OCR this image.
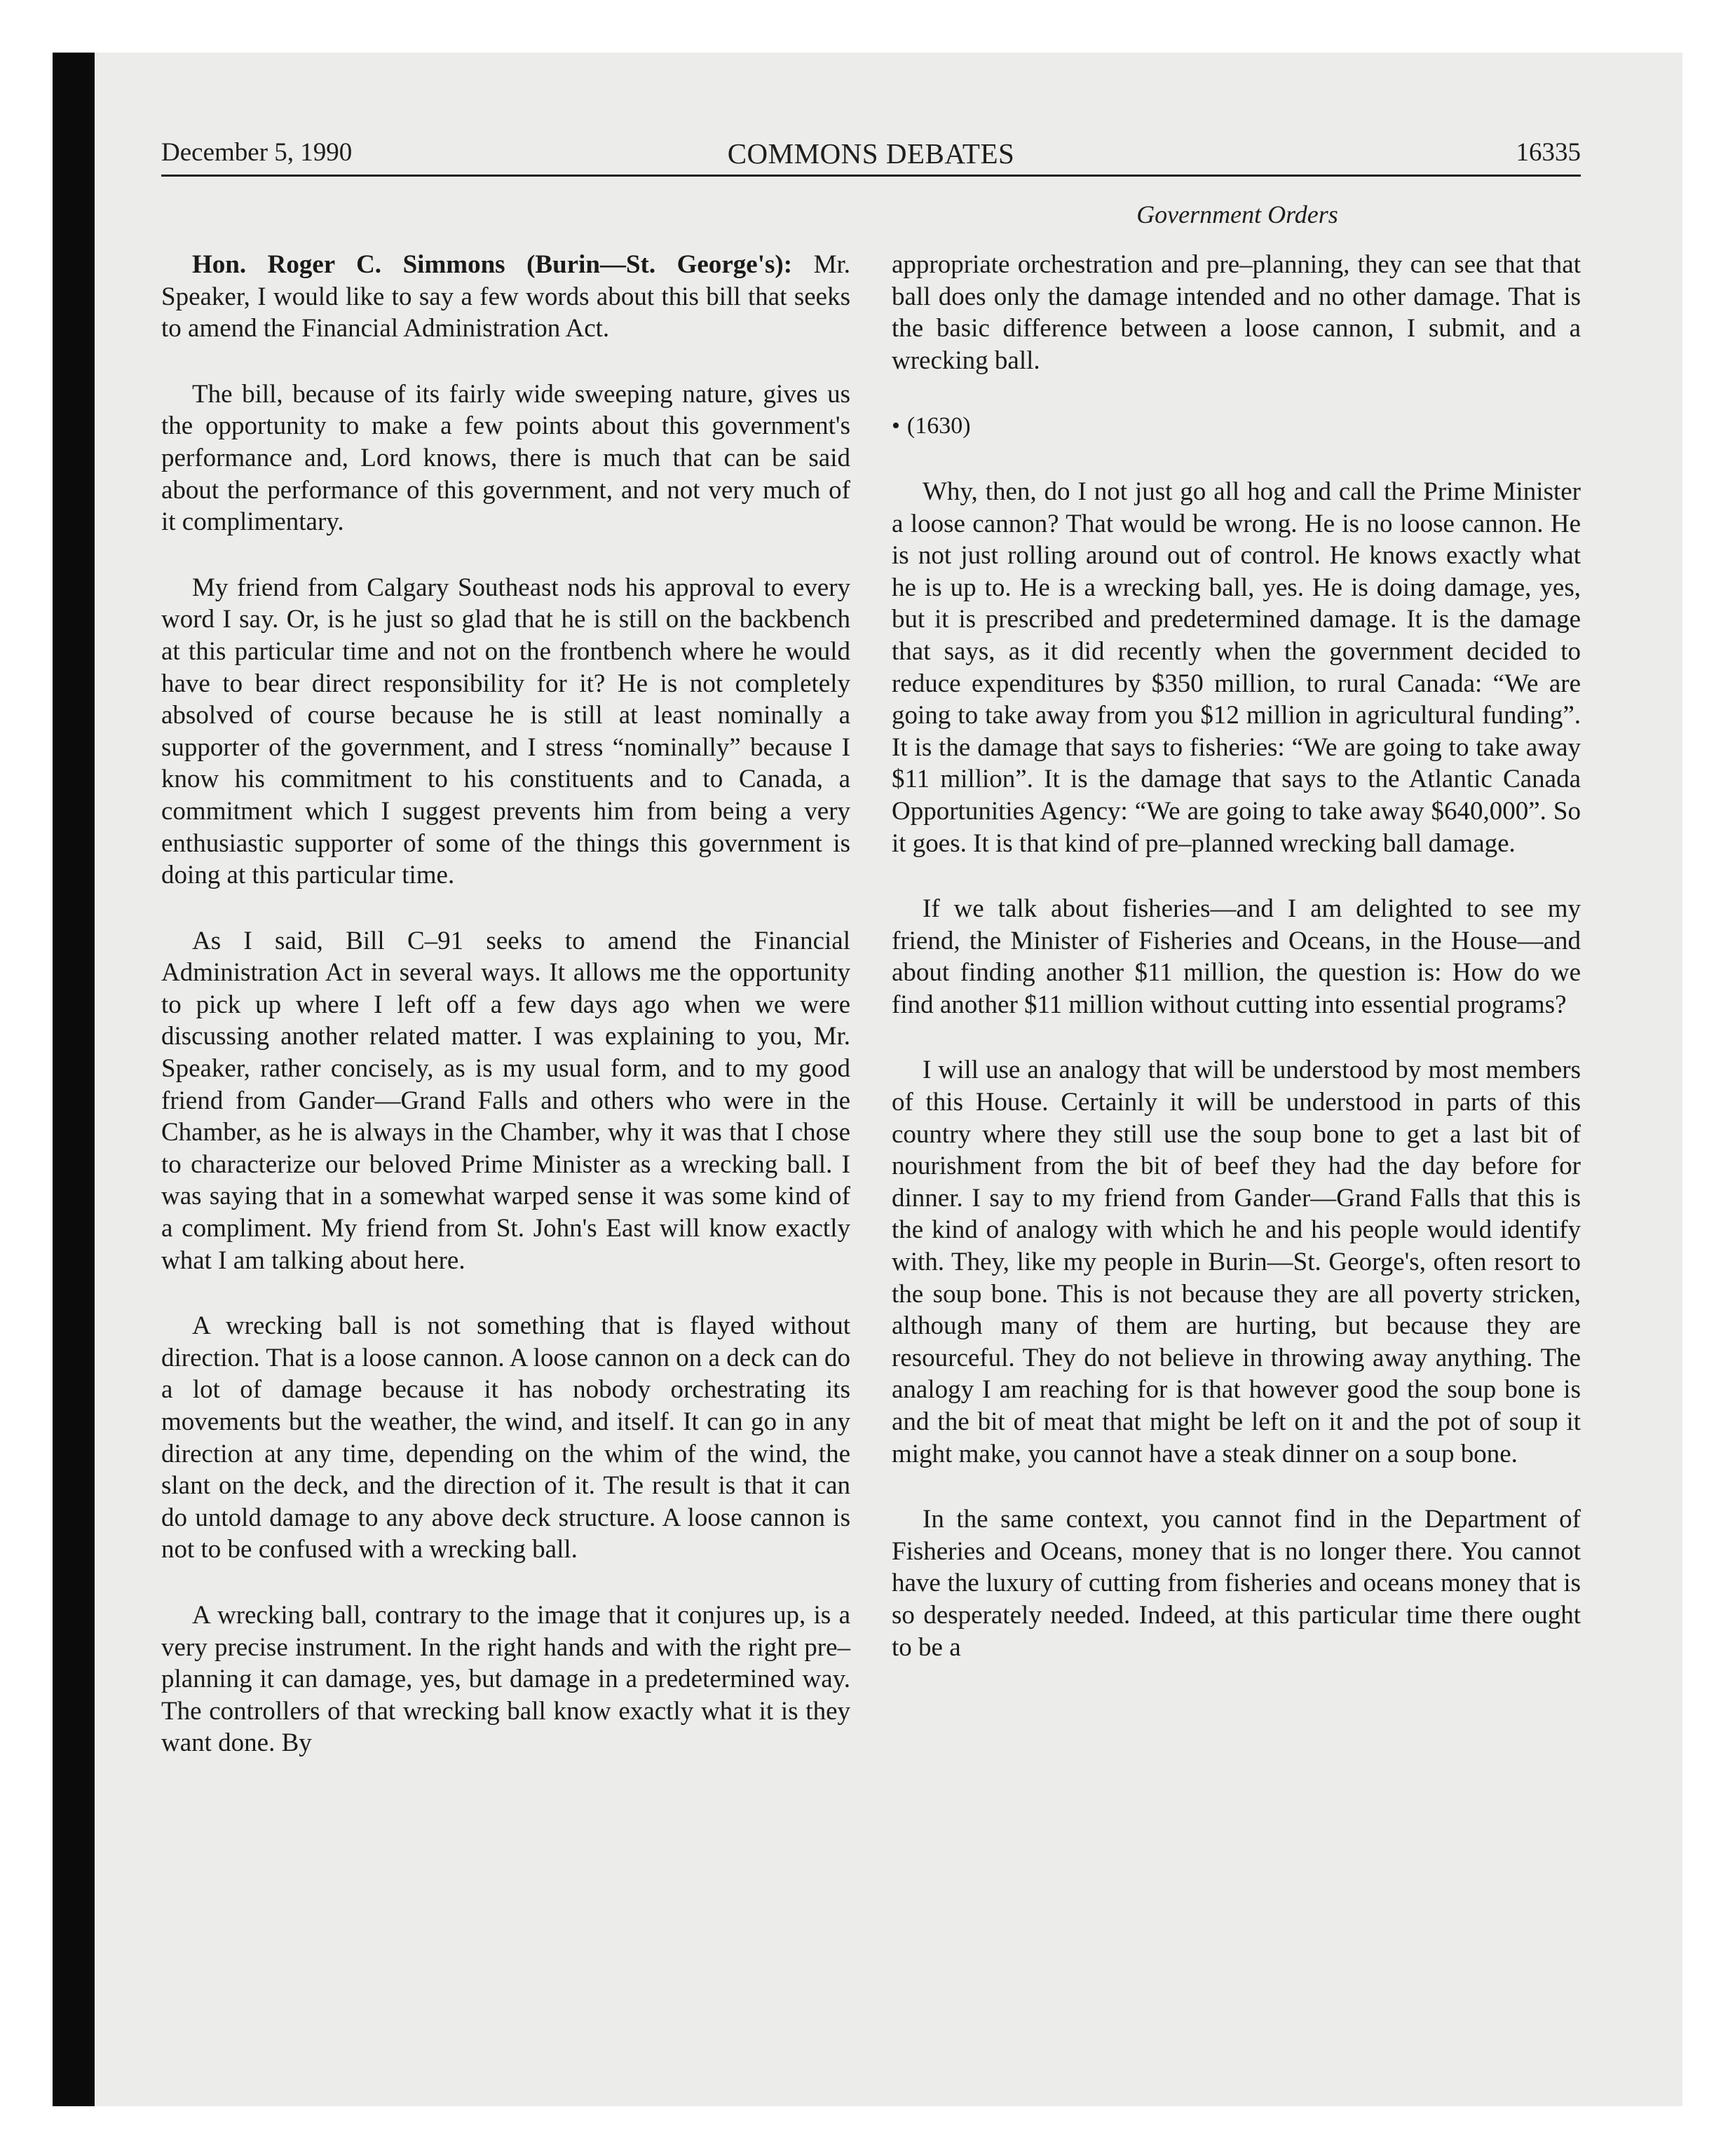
December 5, 1990	COMMONS DEBATES	16335
Government Orders

Hon. Roger C. Simmons (Burin—St. George's): Mr. Speaker, I would like to say a few words about this bill that seeks to amend the Financial Administration Act.

The bill, because of its fairly wide sweeping nature, gives us the opportunity to make a few points about this government's performance and, Lord knows, there is much that can be said about the performance of this government, and not very much of it complimentary.

My friend from Calgary Southeast nods his approval to every word I say. Or, is he just so glad that he is still on the backbench at this particular time and not on the frontbench where he would have to bear direct responsibility for it? He is not completely absolved of course because he is still at least nominally a supporter of the government, and I stress “nominally” because I know his commitment to his constituents and to Canada, a commitment which I suggest prevents him from being a very enthusiastic supporter of some of the things this government is doing at this particular time.

As I said, Bill C–91 seeks to amend the Financial Administration Act in several ways. It allows me the opportunity to pick up where I left off a few days ago when we were discussing another related matter. I was explaining to you, Mr. Speaker, rather concisely, as is my usual form, and to my good friend from Gander—Grand Falls and others who were in the Chamber, as he is always in the Chamber, why it was that I chose to characterize our beloved Prime Minister as a wrecking ball. I was saying that in a somewhat warped sense it was some kind of a compliment. My friend from St. John's East will know exactly what I am talking about here.

A wrecking ball is not something that is flayed without direction. That is a loose cannon. A loose cannon on a deck can do a lot of damage because it has nobody orchestrating its movements but the weather, the wind, and itself. It can go in any direction at any time, depending on the whim of the wind, the slant on the deck, and the direction of it. The result is that it can do untold damage to any above deck structure. A loose cannon is not to be confused with a wrecking ball.

A wrecking ball, contrary to the image that it conjures up, is a very precise instrument. In the right hands and with the right pre–planning it can damage, yes, but damage in a predetermined way. The controllers of that wrecking ball know exactly what it is they want done. By

appropriate orchestration and pre–planning, they can see that that ball does only the damage intended and no other damage. That is the basic difference between a loose cannon, I submit, and a wrecking ball.

• (1630)

Why, then, do I not just go all hog and call the Prime Minister a loose cannon? That would be wrong. He is no loose cannon. He is not just rolling around out of control. He knows exactly what he is up to. He is a wrecking ball, yes. He is doing damage, yes, but it is prescribed and predetermined damage. It is the damage that says, as it did recently when the government decided to reduce expenditures by $350 million, to rural Canada: “We are going to take away from you $12 million in agricultural funding”. It is the damage that says to fisheries: “We are going to take away $11 million”. It is the damage that says to the Atlantic Canada Opportunities Agency: “We are going to take away $640,000”. So it goes. It is that kind of pre–planned wrecking ball damage.

If we talk about fisheries—and I am delighted to see my friend, the Minister of Fisheries and Oceans, in the House—and about finding another $11 million, the question is: How do we find another $11 million without cutting into essential programs?

I will use an analogy that will be understood by most members of this House. Certainly it will be understood in parts of this country where they still use the soup bone to get a last bit of nourishment from the bit of beef they had the day before for dinner. I say to my friend from Gander—Grand Falls that this is the kind of analogy with which he and his people would identify with. They, like my people in Burin—St. George's, often resort to the soup bone. This is not because they are all poverty stricken, although many of them are hurting, but because they are resourceful. They do not believe in throwing away anything. The analogy I am reaching for is that however good the soup bone is and the bit of meat that might be left on it and the pot of soup it might make, you cannot have a steak dinner on a soup bone.

In the same context, you cannot find in the Department of Fisheries and Oceans, money that is no longer there. You cannot have the luxury of cutting from fisheries and oceans money that is so desperately needed. Indeed, at this particular time there ought to be a
